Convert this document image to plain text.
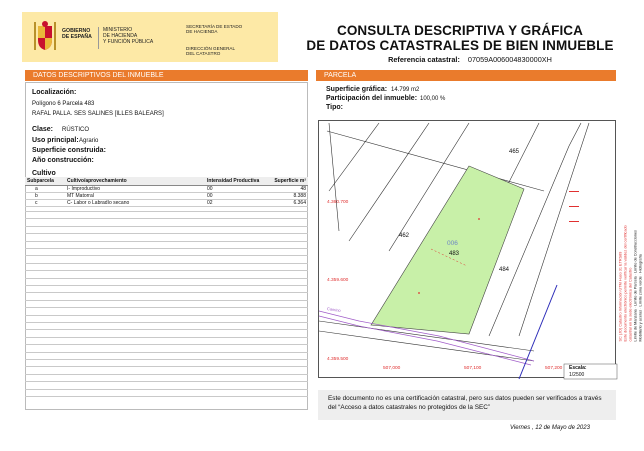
GOBIERNO
DE ESPAÑA
MINISTERIO
DE HACIENDA
Y FUNCIÓN PÚBLICA
SECRETARÍA DE ESTADO
DE HACIENDA
DIRECCIÓN GENERAL
DEL CATASTRO
CONSULTA DESCRIPTIVA Y GRÁFICA
DE DATOS CATASTRALES DE BIEN INMUEBLE
Referencia catastral: 07059A006004830000XH
DATOS DESCRIPTIVOS DEL INMUEBLE	PARCELA
Localización:
Polígono 6 Parcela 483
RAFAL PALLA. SES SALINES [ILLES BALEARS]
Clase: RÚSTICO
Uso principal: Agrario
Superficie construida:
Año construcción:
Cultivo
Subparcela	Cultivo/aprovechamiento	Intensidad Productiva	Superficie m²
a	I- Improductivo	00	48
b	MT Matorral	00	8.388
c	C- Labor o Labradío secano	02	6.364
Superficie gráfica: 14.799 m2
Participación del inmueble: 100,00 %
Tipo:
465
462
483
484
006
4.360.700
4.359.600
4.359.500
507,000	507,100	507,200
Camino
Escala:
1/2500
SC (JO) Catastro Información UTM Huso 31 ETRS89 Este documento electrónico permite verificar la validez del certificado catastral en la sede electrónica del Catastro Límite de Manzana · Límite de Parcela · Límite de Construcciones
Mobiliario y aceras · Límite zona verde · Hidrografía
Este documento no es una certificación catastral, pero sus datos pueden ser verificados a través del “Acceso a datos catastrales no protegidos de la SEC”
Viernes , 12 de Mayo de 2023
